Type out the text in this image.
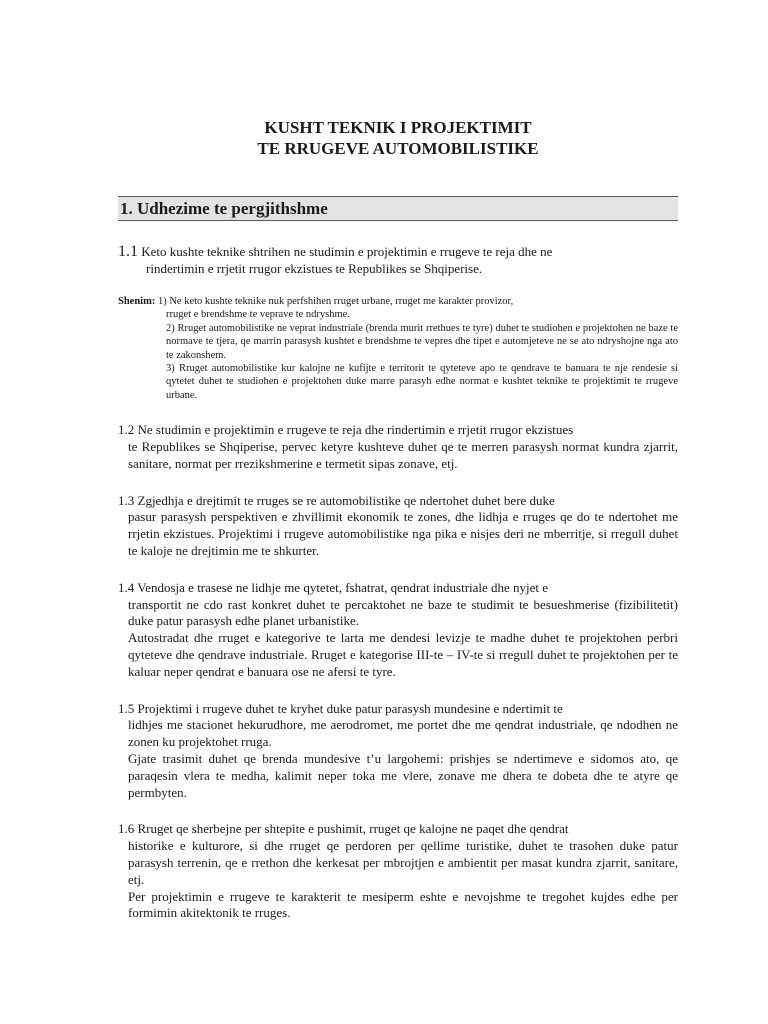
KUSHT TEKNIK I PROJEKTIMIT
TE RRUGEVE AUTOMOBILISTIKE
1. Udhezime te pergjithshme
1.1 Keto kushte teknike shtrihen ne studimin e projektimin e rrugeve te reja dhe ne
rindertimin e rrjetit rrugor ekzistues te Republikes se Shqiperise.
Shenim: 1) Ne keto kushte teknike nuk perfshihen rruget urbane, rruget me karakter provizor,
rruget e brendshme te veprave te ndryshme.
2) Rruget automobilistike ne veprat industriale (brenda murit rrethues te tyre) duhet te studiohen e projektohen ne baze te normave te tjera, qe marrin parasysh kushtet e brendshme te vepres dhe tipet e automjeteve ne se ato ndryshojne nga ato te zakonshem.
3) Rruget automobilistike kur kalojne ne kufijte e territorit te qyteteve apo te qendrave te banuara te nje rendesie si qytetet duhet te studiohen e projektohen duke marre parasyh edhe normat e kushtet teknike te projektimit te rrugeve urbane.
1.2 Ne studimin e projektimin e rrugeve te reja dhe rindertimin e rrjetit rrugor ekzistues
te Republikes se Shqiperise, pervec ketyre kushteve duhet qe te merren parasysh normat kundra zjarrit, sanitare, normat per rrezikshmerine e termetit sipas zonave, etj.
1.3 Zgjedhja e drejtimit te rruges se re automobilistike qe ndertohet duhet bere duke
pasur parasysh perspektiven e zhvillimit ekonomik te zones, dhe lidhja e rruges qe do te ndertohet me rrjetin ekzistues. Projektimi i rrugeve automobilistike nga pika e nisjes deri ne mberritje, si rregull duhet te kaloje ne drejtimin me te shkurter.
1.4 Vendosja e trasese ne lidhje me qytetet, fshatrat, qendrat industriale dhe nyjet e
transportit ne cdo rast konkret duhet te percaktohet ne baze te studimit te besueshmerise (fizibilitetit) duke patur parasysh edhe planet urbanistike.
Autostradat dhe rruget e kategorive te larta me dendesi levizje te madhe duhet te projektohen perbri qyteteve dhe qendrave industriale. Rruget e kategorise III-te – IV-te si rregull duhet te projektohen per te kaluar neper qendrat e banuara ose ne afersi te tyre.
1.5 Projektimi i rrugeve duhet te kryhet duke patur parasysh mundesine e ndertimit te
lidhjes me stacionet hekurudhore, me aerodromet, me portet dhe me qendrat industriale, qe ndodhen ne zonen ku projektohet rruga.
Gjate trasimit duhet qe brenda mundesive t’u largohemi: prishjes se ndertimeve e sidomos ato, qe paraqesin vlera te medha, kalimit neper toka me vlere, zonave me dhera te dobeta dhe te atyre qe permbyten.
1.6 Rruget qe sherbejne per shtepite e pushimit, rruget qe kalojne ne paqet dhe qendrat
historike e kulturore, si dhe rruget qe perdoren per qellime turistike, duhet te trasohen duke patur parasysh terrenin, qe e rrethon dhe kerkesat per mbrojtjen e ambientit per masat kundra zjarrit, sanitare, etj.
Per projektimin e rrugeve te karakterit te mesiperm eshte e nevojshme te tregohet kujdes edhe per formimin akitektonik te rruges.
